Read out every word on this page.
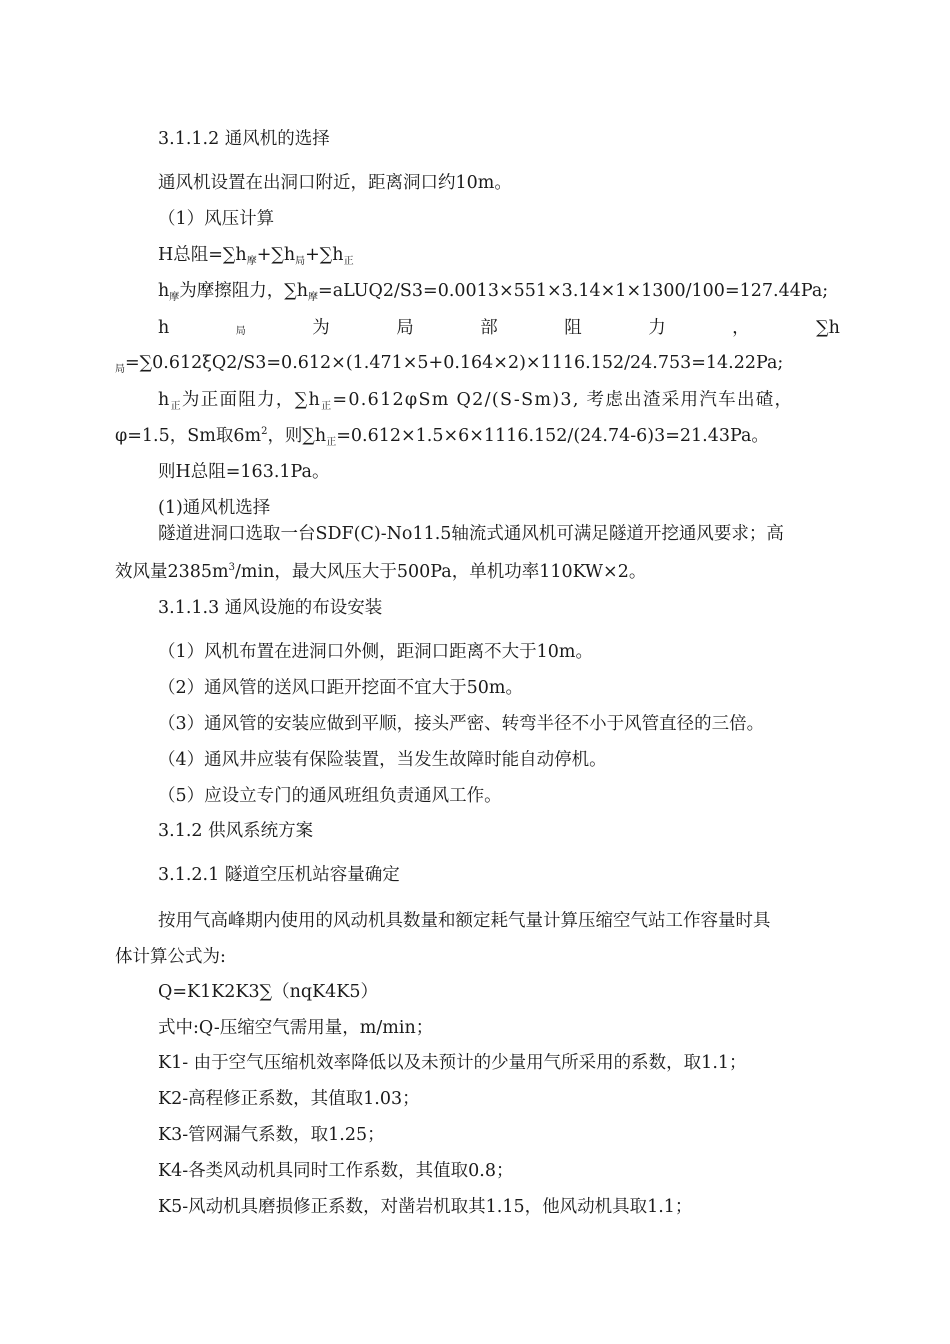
3.1.1.2 通风机的选择
通风机设置在出洞口附近，距离洞口约10m。
（1）风压计算
H总阻$=\sum h_摩+\sum h_局+\sum h_正$
$h_摩$为摩擦阻力，$\sum h_摩=aLUQ2/S3=0.0013\times 551\times 3.14\times 1\times 1300/100=127.44Pa$;
h	局	为	局	部	阻	力	，	∑h
$_局$=∑0.612ξQ2/S3=0.612×(1.471×5+0.164×2)×1116.152/24.753=14.22Pa;
$h_正$为正面阻力，$\sum h_正=0.612\varphi Sm$ Q2/(S-Sm)3, 考虑出渣采用汽车出碴，
φ=1.5，Sm取$6m^2$，则$\sum h_正=0.612\times 1.5\times 6\times 1116.152/(24.74-6)3=21.43Pa$。
则H总阻=163.1Pa。
(1)通风机选择
隧道进洞口选取一台SDF(C)-No11.5轴流式通风机可满足隧道开挖通风要求；高
效风量$2385m^3/\min$，最大风压大于500Pa，单机功率110KW×2。
3.1.1.3 通风设施的布设安装
（1）风机布置在进洞口外侧，距洞口距离不大于10m。
（2）通风管的送风口距开挖面不宜大于50m。
（3）通风管的安装应做到平顺，接头严密、转弯半径不小于风管直径的三倍。
（4）通风井应装有保险装置，当发生故障时能自动停机。
（5）应设立专门的通风班组负责通风工作。
3.1.2 供风系统方案
3.1.2.1 隧道空压机站容量确定
按用气高峰期内使用的风动机具数量和额定耗气量计算压缩空气站工作容量时具
体计算公式为:
Q=K1K2K3∑（nqK4K5）
式中:Q-压缩空气需用量，m/min；
K1- 由于空气压缩机效率降低以及未预计的少量用气所采用的系数，取1.1；
K2-高程修正系数，其值取1.03；
K3-管网漏气系数，取1.25；
K4-各类风动机具同时工作系数，其值取0.8；
K5-风动机具磨损修正系数，对凿岩机取其1.15，他风动机具取1.1；
